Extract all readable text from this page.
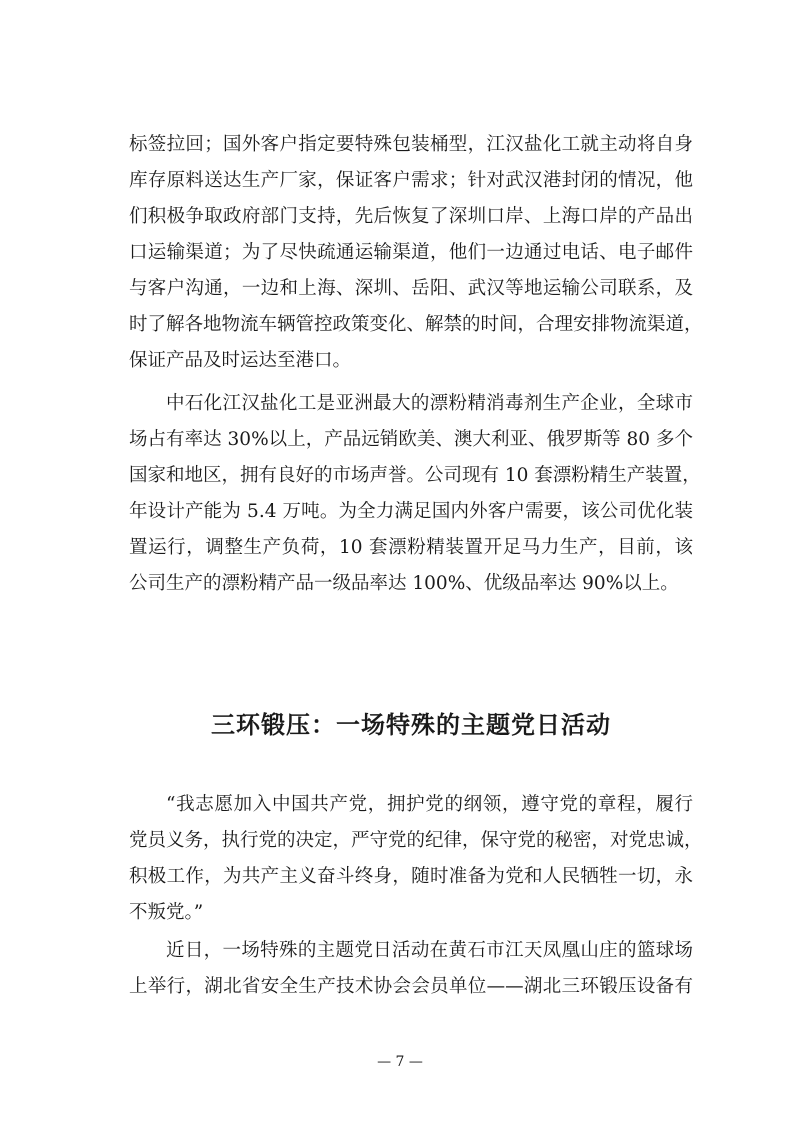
标签拉回；国外客户指定要特殊包装桶型，江汉盐化工就主动将自身
库存原料送达生产厂家，保证客户需求；针对武汉港封闭的情况，他
们积极争取政府部门支持，先后恢复了深圳口岸、上海口岸的产品出
口运输渠道；为了尽快疏通运输渠道，他们一边通过电话、电子邮件
与客户沟通，一边和上海、深圳、岳阳、武汉等地运输公司联系，及
时了解各地物流车辆管控政策变化、解禁的时间，合理安排物流渠道，
保证产品及时运达至港口。
中石化江汉盐化工是亚洲最大的漂粉精消毒剂生产企业，全球市
场占有率达 30%以上，产品远销欧美、澳大利亚、俄罗斯等 80 多个
国家和地区，拥有良好的市场声誉。公司现有 10 套漂粉精生产装置，
年设计产能为 5.4 万吨。为全力满足国内外客户需要，该公司优化装
置运行，调整生产负荷，10 套漂粉精装置开足马力生产，目前，该
公司生产的漂粉精产品一级品率达 100%、优级品率达 90%以上。
三环锻压：一场特殊的主题党日活动
“我志愿加入中国共产党，拥护党的纲领，遵守党的章程，履行
党员义务，执行党的决定，严守党的纪律，保守党的秘密，对党忠诚，
积极工作，为共产主义奋斗终身，随时准备为党和人民牺牲一切，永
不叛党。”
近日，一场特殊的主题党日活动在黄石市江天凤凰山庄的篮球场
上举行，湖北省安全生产技术协会会员单位——湖北三环锻压设备有
— 7 —
